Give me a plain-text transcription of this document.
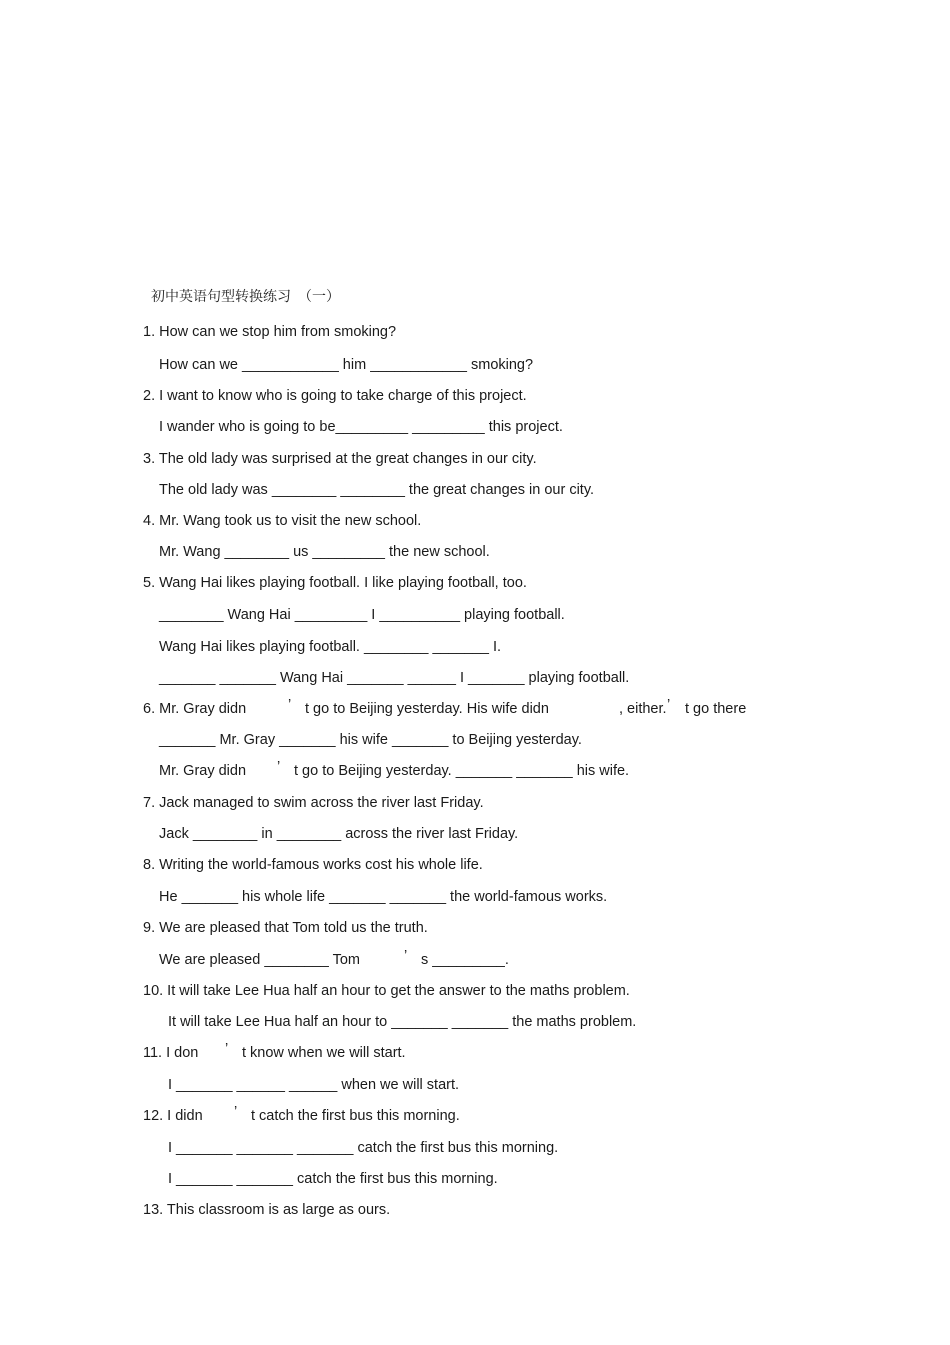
初中英语句型转换练习　（一）
1. How can we stop him from smoking?
How can we ____________ him ____________ smoking?
2. I want to know who is going to take charge of this project.
I wander who is going to be_________ _________ this project.
3. The old lady was surprised at the great changes in our city.
The old lady was ________ ________ the great changes in our city.
4. Mr. Wang took us to visit the new school.
Mr. Wang ________ us _________ the new school.
5. Wang Hai likes playing football. I like playing football, too.
________ Wang Hai _________ I __________ playing football.
Wang Hai likes playing football. ________ _______ I.
_______ _______ Wang Hai _______ ______ I _______ playing football.
6. Mr. Gray didn	’ t go to Beijing yesterday. His wife didn	, either. ’ t go there
_______ Mr. Gray _______ his wife _______ to Beijing yesterday.
Mr. Gray didn ’ t go to Beijing yesterday. _______ _______ his wife.
7. Jack managed to swim across the river last Friday.
Jack ________ in ________ across the river last Friday.
8. Writing the world-famous works cost his whole life.
He _______ his whole life _______ _______ the world-famous works.
9. We are pleased that Tom told us the truth.
We are pleased ________ Tom	’ s _________.
10. It will take Lee Hua half an hour to get the answer to the maths problem.
It will take Lee Hua half an hour to _______ _______ the maths problem.
11. I don ’ t know when we will start.
I _______ ______ ______ when we will start.
12. I didn ’ t catch the first bus this morning.
I _______ _______ _______ catch the first bus this morning.
I _______ _______ catch the first bus this morning.
13. This classroom is as large as ours.
